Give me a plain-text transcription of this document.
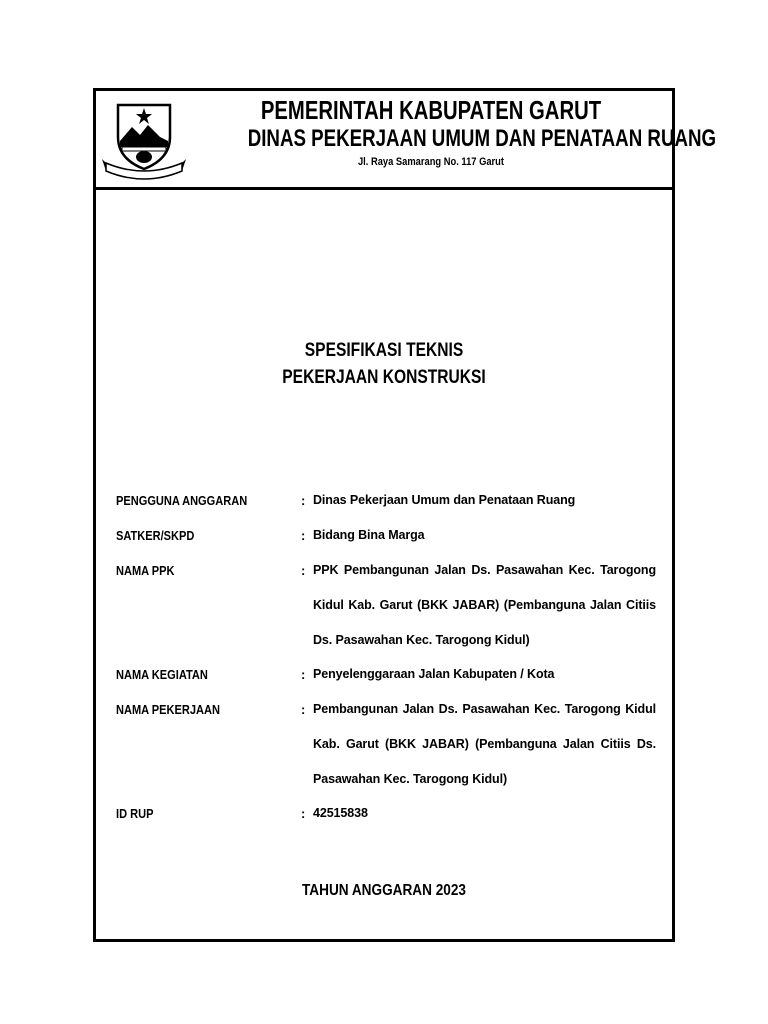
PEMERINTAH KABUPATEN GARUT
DINAS PEKERJAAN UMUM DAN PENATAAN RUANG
Jl. Raya Samarang No. 117 Garut
SPESIFIKASI TEKNIS
PEKERJAAN KONSTRUKSI
PENGGUNA ANGGARAN	: Dinas Pekerjaan Umum dan Penataan Ruang
SATKER/SKPD	: Bidang Bina Marga
NAMA PPK	: PPK Pembangunan Jalan Ds. Pasawahan Kec. Tarogong Kidul Kab. Garut (BKK JABAR) (Pembanguna Jalan Citiis Ds. Pasawahan Kec. Tarogong Kidul)
NAMA KEGIATAN	: Penyelenggaraan Jalan Kabupaten / Kota
NAMA PEKERJAAN	: Pembangunan Jalan Ds. Pasawahan Kec. Tarogong Kidul Kab. Garut (BKK JABAR) (Pembanguna Jalan Citiis Ds. Pasawahan Kec. Tarogong Kidul)
ID RUP	: 42515838
TAHUN ANGGARAN 2023
